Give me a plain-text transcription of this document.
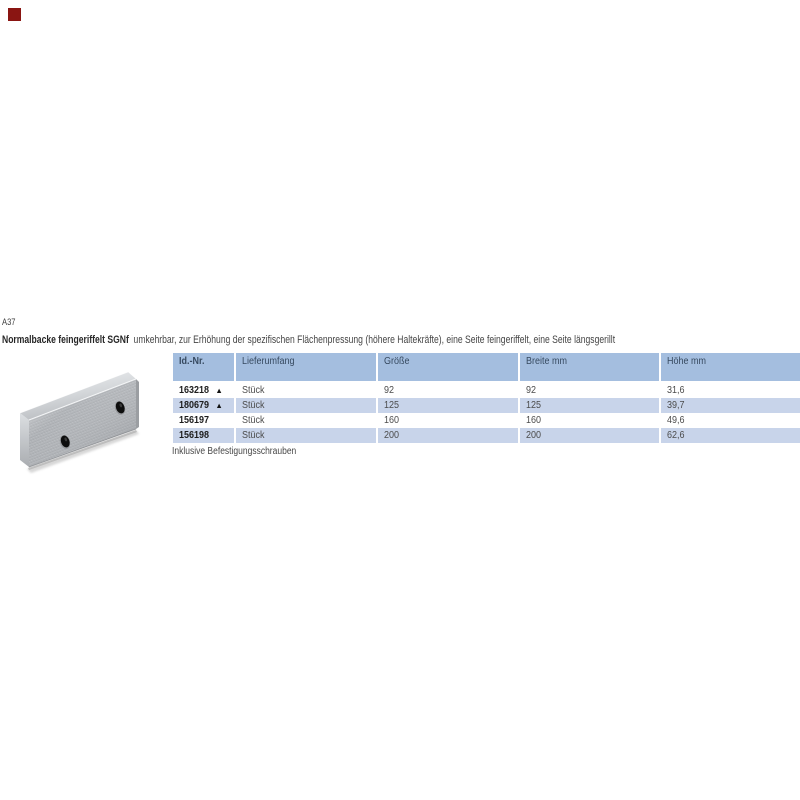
A37
Normalbacke feingeriffelt SGNf umkehrbar, zur Erhöhung der spezifischen Flächenpressung (höhere Haltekräfte), eine Seite feingeriffelt, eine Seite längsgerillt
Id.-Nr.	Lieferumfang	Größe	Breite mm	Höhe mm
163218 ▲ Stück	92	92	31,6
180679 ▲ Stück	125	125	39,7
156197	Stück	160	160	49,6
156198	Stück	200	200	62,6
Inklusive Befestigungsschrauben
